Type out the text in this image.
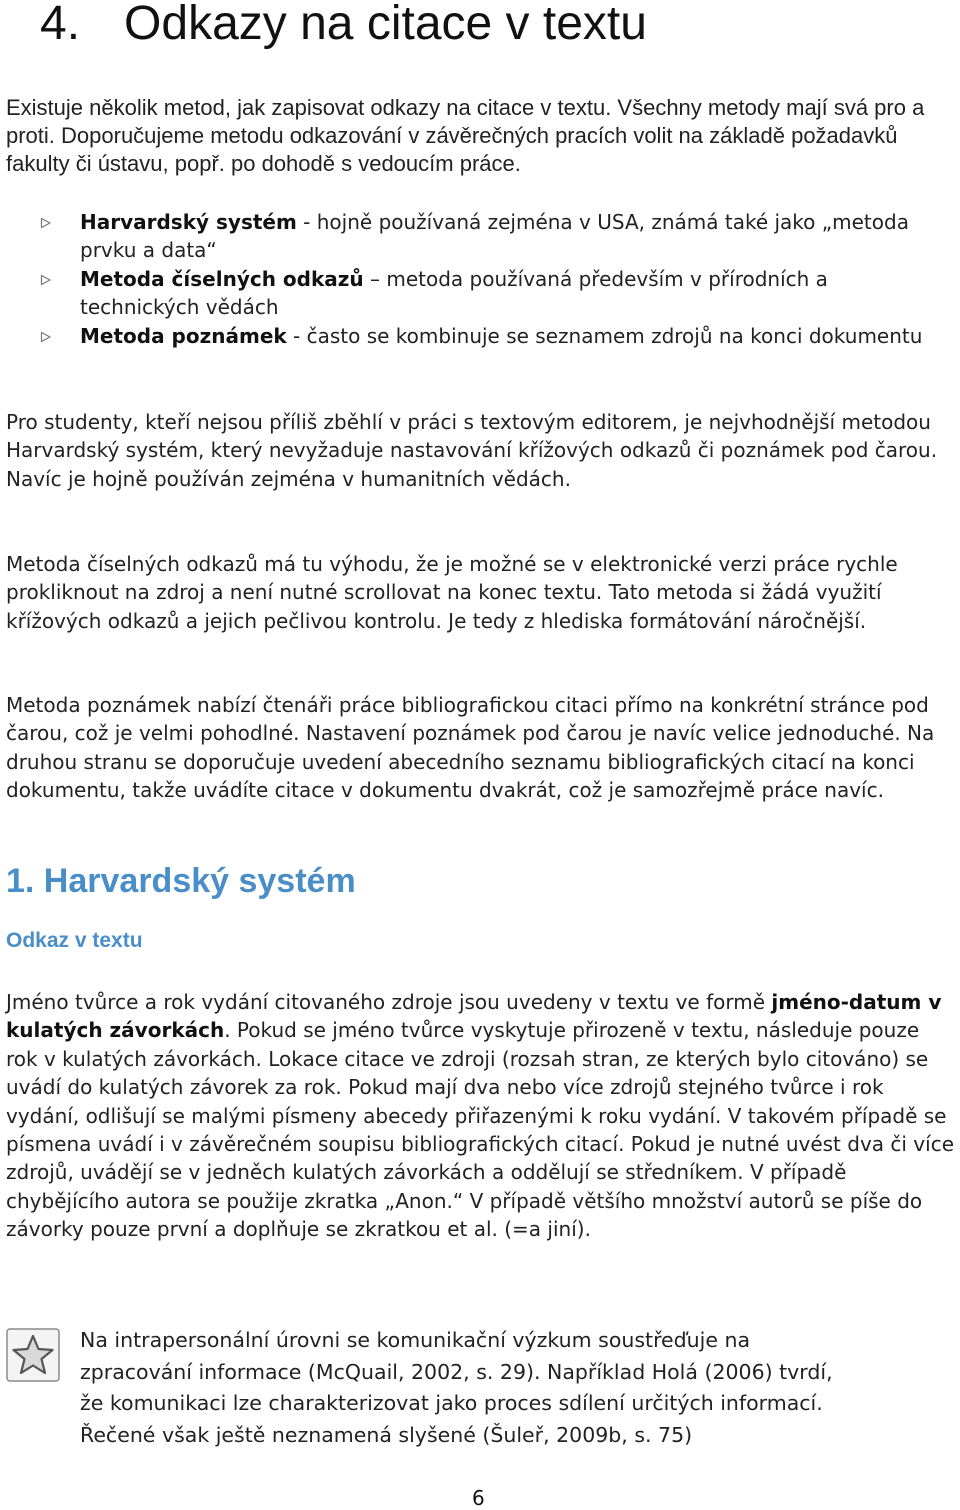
4. Odkazy na citace v textu
Existuje několik metod, jak zapisovat odkazy na citace v textu. Všechny metody mají svá pro a proti. Doporučujeme metodu odkazování v závěrečných pracích volit na základě požadavků fakulty či ústavu, popř. po dohodě s vedoucím práce.
Harvardský systém - hojně používaná zejména v USA, známá také jako „metoda prvku a data“
Metoda číselných odkazů – metoda používaná především v přírodních a technických vědách
Metoda poznámek - často se kombinuje se seznamem zdrojů na konci dokumentu
Pro studenty, kteří nejsou příliš zběhlí v práci s textovým editorem, je nejvhodnější metodou Harvardský systém, který nevyžaduje nastavování křížových odkazů či poznámek pod čarou. Navíc je hojně používán zejména v humanitních vědách.
Metoda číselných odkazů má tu výhodu, že je možné se v elektronické verzi práce rychle prokliknout na zdroj a není nutné scrollovat na konec textu. Tato metoda si žádá využití křížových odkazů a jejich pečlivou kontrolu. Je tedy z hlediska formátování náročnější.
Metoda poznámek nabízí čtenáři práce bibliografickou citaci přímo na konkrétní stránce pod čarou, což je velmi pohodlné. Nastavení poznámek pod čarou je navíc velice jednoduché. Na druhou stranu se doporučuje uvedení abecedního seznamu bibliografických citací na konci dokumentu, takže uvádíte citace v dokumentu dvakrát, což je samozřejmě práce navíc.
1. Harvardský systém
Odkaz v textu
Jméno tvůrce a rok vydání citovaného zdroje jsou uvedeny v textu ve formě jméno-datum v kulatých závorkách. Pokud se jméno tvůrce vyskytuje přirozeně v textu, následuje pouze rok v kulatých závorkách. Lokace citace ve zdroji (rozsah stran, ze kterých bylo citováno) se uvádí do kulatých závorek za rok. Pokud mají dva nebo více zdrojů stejného tvůrce i rok vydání, odlišují se malými písmeny abecedy přiřazenými k roku vydání. V takovém případě se písmena uvádí i v závěrečném soupisu bibliografických citací. Pokud je nutné uvést dva či více zdrojů, uvádějí se v jedněch kulatých závorkách a oddělují se středníkem. V případě chybějícího autora se použije zkratka „Anon.“ V případě většího množství autorů se píše do závorky pouze první a doplňuje se zkratkou et al. (=a jiní).
Na intrapersonální úrovni se komunikační výzkum soustřeďuje na
zpracování informace (McQuail, 2002, s. 29). Například Holá (2006) tvrdí,
že komunikaci lze charakterizovat jako proces sdílení určitých informací.
Řečené však ještě neznamená slyšené (Šuleř, 2009b, s. 75)
6
